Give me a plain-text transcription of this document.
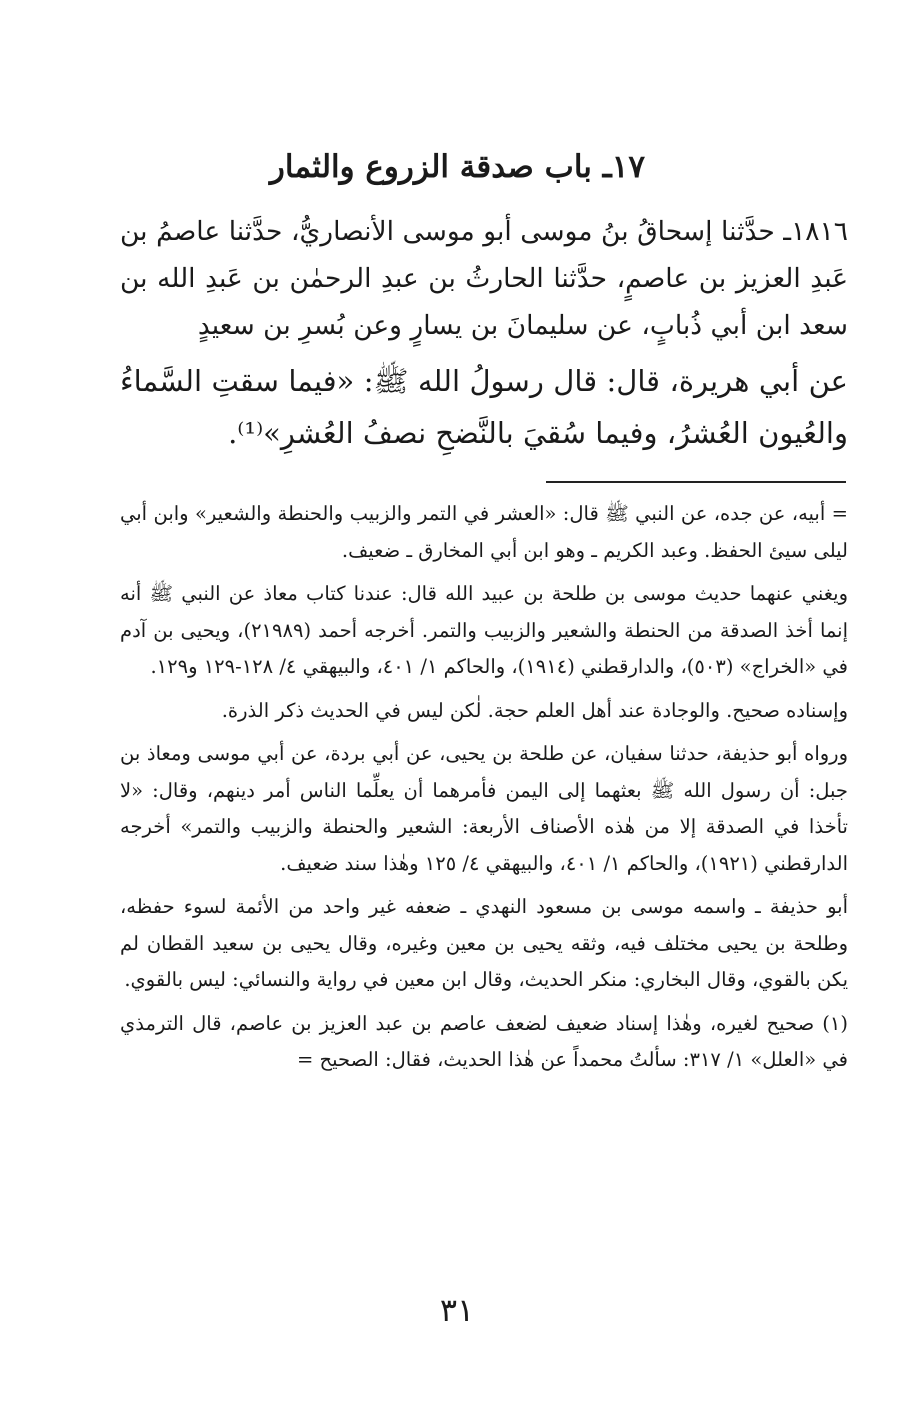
١٧ـ باب صدقة الزروع والثمار

١٨١٦ـ حدَّثنا إسحاقُ بنُ موسى أبو موسى الأنصاريُّ، حدَّثنا عاصمُ بن عَبدِ العزيز بن عاصمٍ، حدَّثنا الحارثُ بن عبدِ الرحمٰن بن عَبدِ الله بن سعد ابن أبي ذُبابٍ، عن سليمانَ بن يسارٍ وعن بُسرِ بن سعيدٍ

عن أبي هريرة، قال: قال رسولُ الله ﷺ: «فيما سقتِ السَّماءُ والعُيون العُشرُ، وفيما سُقيَ بالنَّضحِ نصفُ العُشرِ»⁽¹⁾.

= أبيه، عن جده، عن النبي ﷺ قال: «العشر في التمر والزبيب والحنطة والشعير» وابن أبي ليلى سيئ الحفظ. وعبد الكريم ـ وهو ابن أبي المخارق ـ ضعيف.

ويغني عنهما حديث موسى بن طلحة بن عبيد الله قال: عندنا كتاب معاذ عن النبي ﷺ أنه إنما أخذ الصدقة من الحنطة والشعير والزبيب والتمر. أخرجه أحمد (٢١٩٨٩)، ويحيى بن آدم في «الخراج» (٥٠٣)، والدارقطني (١٩١٤)، والحاكم ١/ ٤٠١، والبيهقي ٤/ ١٢٨-١٢٩ و١٢٩.

وإسناده صحيح. والوجادة عند أهل العلم حجة. لٰكن ليس في الحديث ذكر الذرة.

ورواه أبو حذيفة، حدثنا سفيان، عن طلحة بن يحيى، عن أبي بردة، عن أبي موسى ومعاذ بن جبل: أن رسول الله ﷺ بعثهما إلى اليمن فأمرهما أن يعلِّما الناس أمر دينهم، وقال: «لا تأخذا في الصدقة إلا من هٰذه الأصناف الأربعة: الشعير والحنطة والزبيب والتمر» أخرجه الدارقطني (١٩٢١)، والحاكم ١/ ٤٠١، والبيهقي ٤/ ١٢٥ وهٰذا سند ضعيف.

أبو حذيفة ـ واسمه موسى بن مسعود النهدي ـ ضعفه غير واحد من الأئمة لسوء حفظه، وطلحة بن يحيى مختلف فيه، وثقه يحيى بن معين وغيره، وقال يحيى بن سعيد القطان لم يكن بالقوي، وقال البخاري: منكر الحديث، وقال ابن معين في رواية والنسائي: ليس بالقوي.

(١) صحيح لغيره، وهٰذا إسناد ضعيف لضعف عاصم بن عبد العزيز بن عاصم، قال الترمذي في «العلل» ١/ ٣١٧: سألتُ محمداً عن هٰذا الحديث، فقال: الصحيح =

٣١
